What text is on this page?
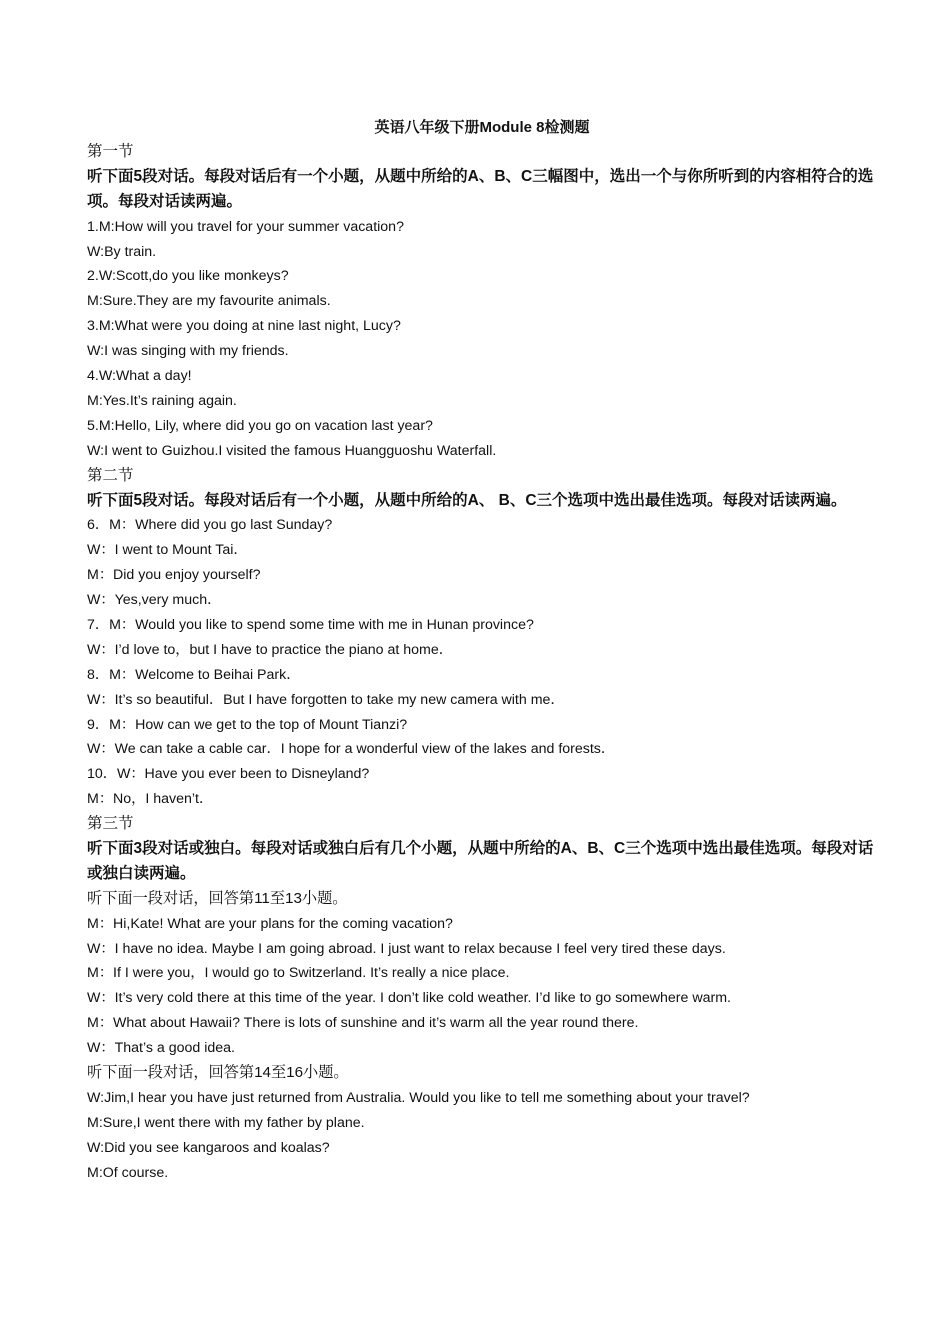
英语八年级下册Module 8检测题
第一节
听下面5段对话。每段对话后有一个小题，从题中所给的A、B、C三幅图中，选出一个与你所听到的内容相符合的选项。每段对话读两遍。
1.M:How will you travel for your summer vacation?
W:By train.
2.W:Scott,do you like monkeys?
M:Sure.They are my favourite animals.
3.M:What were you doing at nine last night, Lucy?
W:I was singing with my friends.
4.W:What a day!
M:Yes.It’s raining again.
5.M:Hello, Lily, where did you go on vacation last year?
W:I went to Guizhou.I visited the famous Huangguoshu Waterfall.
第二节
听下面5段对话。每段对话后有一个小题，从题中所给的A、 B、C三个选项中选出最佳选项。每段对话读两遍。
6．M：Where did you go last Sunday?
W：I went to Mount Tai．
M：Did you enjoy yourself?
W：Yes,very much．
7．M：Would you like to spend some time with me in Hunan province?
W：I’d love to，but I have to practice the piano at home．
8．M：Welcome to Beihai Park．
W：It’s so beautiful．But I have forgotten to take my new camera with me．
9．M：How can we get to the top of Mount Tianzi?
W：We can take a cable car．I hope for a wonderful view of the lakes and forests．
10．W：Have you ever been to Disneyland?
M：No，I haven’t．
第三节
听下面3段对话或独白。每段对话或独白后有几个小题，从题中所给的A、B、C三个选项中选出最佳选项。每段对话或独白读两遍。
听下面一段对话，回答第11至13小题。
M：Hi,Kate! What are your plans for the coming vacation?
W：I have no idea. Maybe I am going abroad. I just want to relax because I feel very tired these days.
M：If I were you，I would go to Switzerland. It’s really a nice place.
W：It’s very cold there at this time of the year. I don’t like cold weather. I’d like to go somewhere warm.
M：What about Hawaii? There is lots of sunshine and it’s warm all the year round there.
W：That’s a good idea.
听下面一段对话，回答第14至16小题。
W:Jim,I hear you have just returned from Australia. Would you like to tell me something about your travel?
M:Sure,I went there with my father by plane.
W:Did you see kangaroos and koalas?
M:Of course.
